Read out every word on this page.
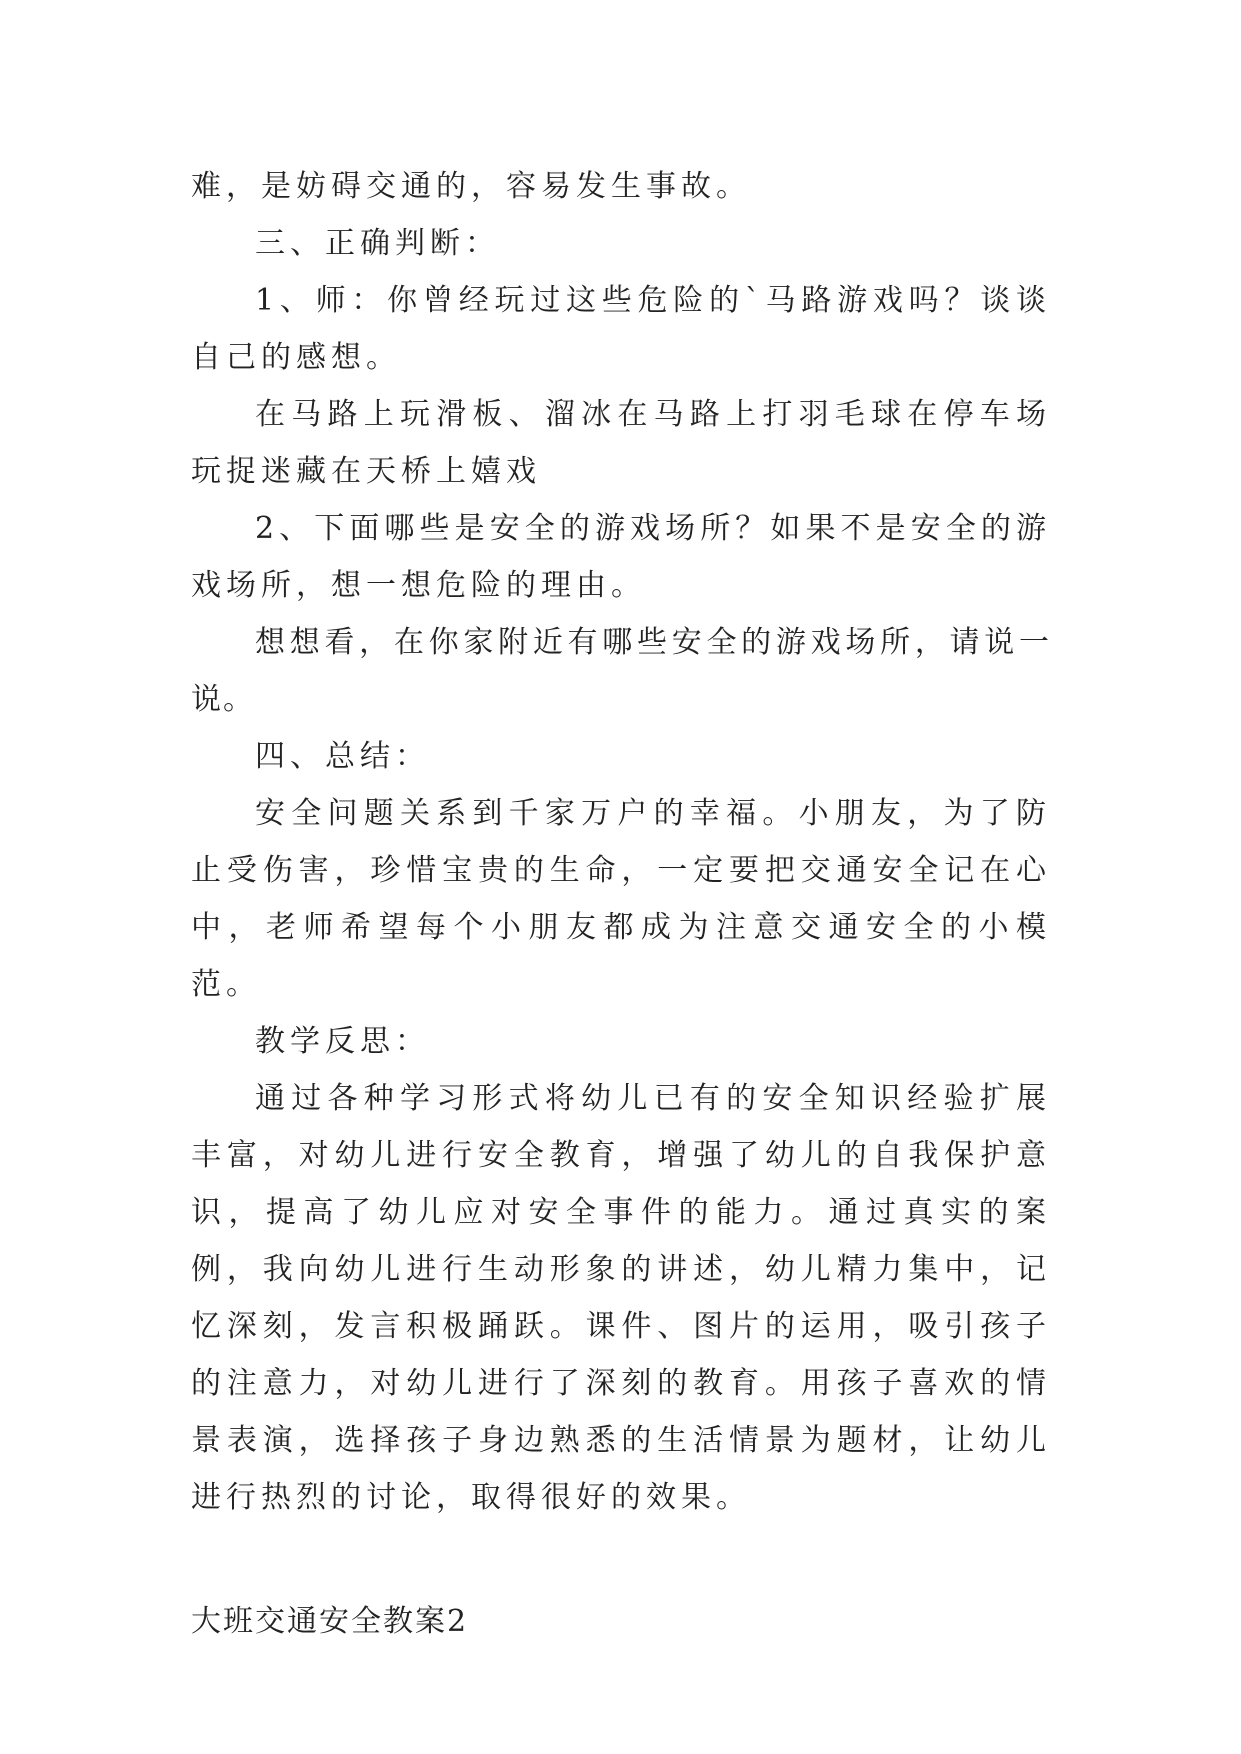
难，是妨碍交通的，容易发生事故。

三、正确判断：

1、师：你曾经玩过这些危险的`马路游戏吗？谈谈自己的感想。

在马路上玩滑板、溜冰在马路上打羽毛球在停车场玩捉迷藏在天桥上嬉戏

2、下面哪些是安全的游戏场所？如果不是安全的游戏场所，想一想危险的理由。

想想看，在你家附近有哪些安全的游戏场所，请说一说。

四、总结：

安全问题关系到千家万户的幸福。小朋友，为了防止受伤害，珍惜宝贵的生命，一定要把交通安全记在心中，老师希望每个小朋友都成为注意交通安全的小模范。

教学反思：

通过各种学习形式将幼儿已有的安全知识经验扩展丰富，对幼儿进行安全教育，增强了幼儿的自我保护意识，提高了幼儿应对安全事件的能力。通过真实的案例，我向幼儿进行生动形象的讲述，幼儿精力集中，记忆深刻，发言积极踊跃。课件、图片的运用，吸引孩子的注意力，对幼儿进行了深刻的教育。用孩子喜欢的情景表演，选择孩子身边熟悉的生活情景为题材，让幼儿进行热烈的讨论，取得很好的效果。

大班交通安全教案2
